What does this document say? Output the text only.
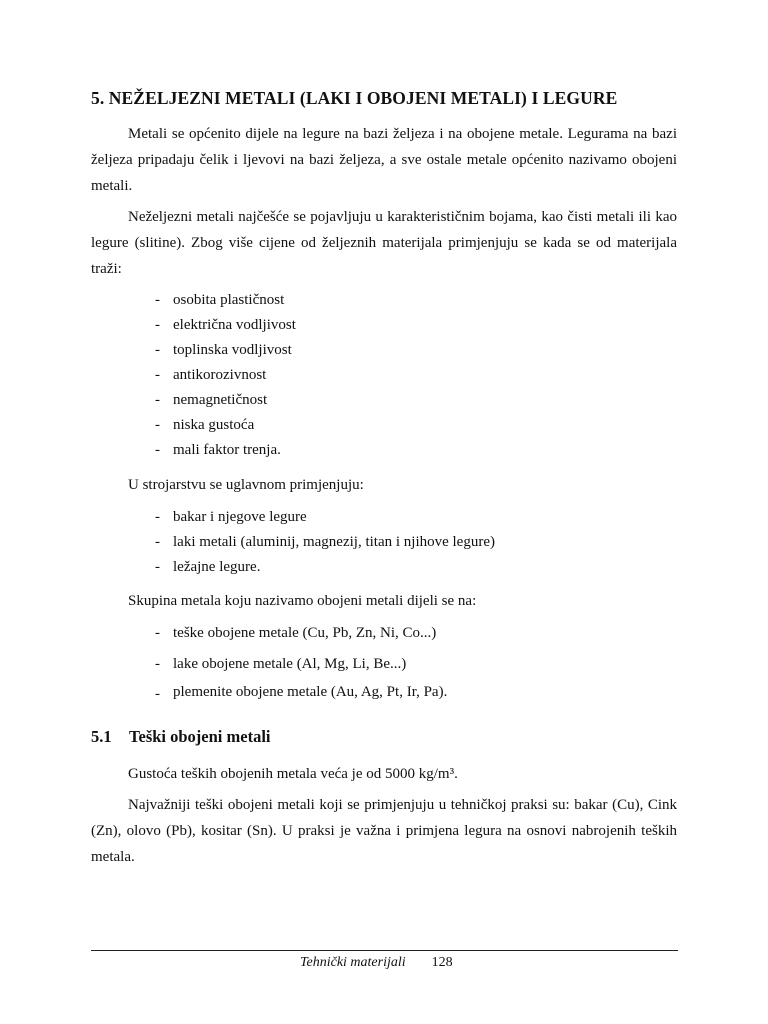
5. NEŽELJEZNI METALI (LAKI I OBOJENI METALI) I LEGURE

Metali se općenito dijele na legure na bazi željeza i na obojene metale. Legurama na bazi željeza pripadaju čelik i ljevovi na bazi željeza, a sve ostale metale općenito nazivamo obojeni metali.

Neželjezni metali najčešće se pojavljuju u karakterističnim bojama, kao čisti metali ili kao legure (slitine). Zbog više cijene od željeznih materijala primjenjuju se kada se od materijala traži:

- osobita plastičnost
- električna vodljivost
- toplinska vodljivost
- antikorozivnost
- nemagnetičnost
- niska gustoća
- mali faktor trenja.

U strojarstvu se uglavnom primjenjuju:

- bakar i njegove legure
- laki metali (aluminij, magnezij, titan i njihove legure)
- ležajne legure.

Skupina metala koju nazivamo obojeni metali dijeli se na:

- teške obojene metale (Cu, Pb, Zn, Ni, Co...)
- lake obojene metale (Al, Mg, Li, Be...)
- plemenite obojene metale (Au, Ag, Pt, Ir, Pa).
5.1 Teški obojeni metali

Gustoća teških obojenih metala veća je od 5000 kg/m³.

Najvažniji teški obojeni metali koji se primjenjuju u tehničkoj praksi su: bakar (Cu), Cink (Zn), olovo (Pb), kositar (Sn). U praksi je važna i primjena legura na osnovi nabrojenih teških metala.

Tehnički materijali 128
